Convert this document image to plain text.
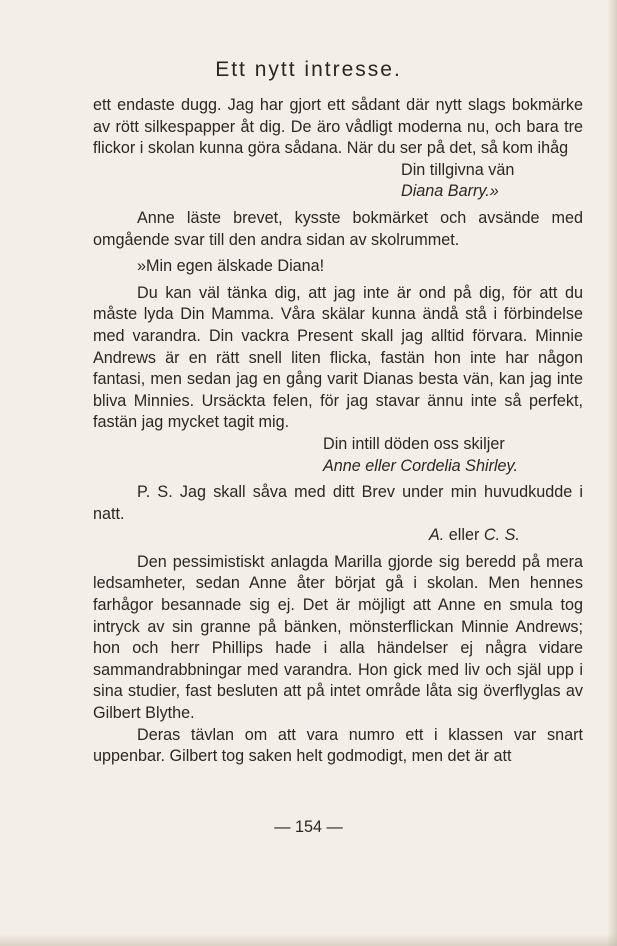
Ett nytt intresse.

ett endaste dugg. Jag har gjort ett sådant där nytt slags bokmärke av rött silkespapper åt dig. De äro vådligt moderna nu, och bara tre flickor i skolan kunna göra sådana. När du ser på det, så kom ihåg

Din tillgivna vän

Diana Barry.»

Anne läste brevet, kysste bokmärket och avsände med omgående svar till den andra sidan av skolrummet.

»Min egen älskade Diana!

Du kan väl tänka dig, att jag inte är ond på dig, för att du måste lyda Din Mamma. Våra skälar kunna ändå stå i förbindelse med varandra. Din vackra Present skall jag alltid förvara. Minnie Andrews är en rätt snell liten flicka, fastän hon inte har någon fantasi, men sedan jag en gång varit Dianas besta vän, kan jag inte bliva Minnies. Ursäckta felen, för jag stavar ännu inte så perfekt, fastän jag mycket tagit mig.

Din intill döden oss skiljer

Anne eller Cordelia Shirley.

P. S. Jag skall såva med ditt Brev under min huvudkudde i natt.

A. eller C. S.

Den pessimistiskt anlagda Marilla gjorde sig beredd på mera ledsamheter, sedan Anne åter börjat gå i skolan. Men hennes farhågor besannade sig ej. Det är möjligt att Anne en smula tog intryck av sin granne på bänken, mönsterflickan Minnie Andrews; hon och herr Phillips hade i alla händelser ej några vidare sammandrabbningar med varandra. Hon gick med liv och själ upp i sina studier, fast besluten att på intet område låta sig överflyglas av Gilbert Blythe.

Deras tävlan om att vara numro ett i klassen var snart uppenbar. Gilbert tog saken helt godmodigt, men det är att

— 154 —
